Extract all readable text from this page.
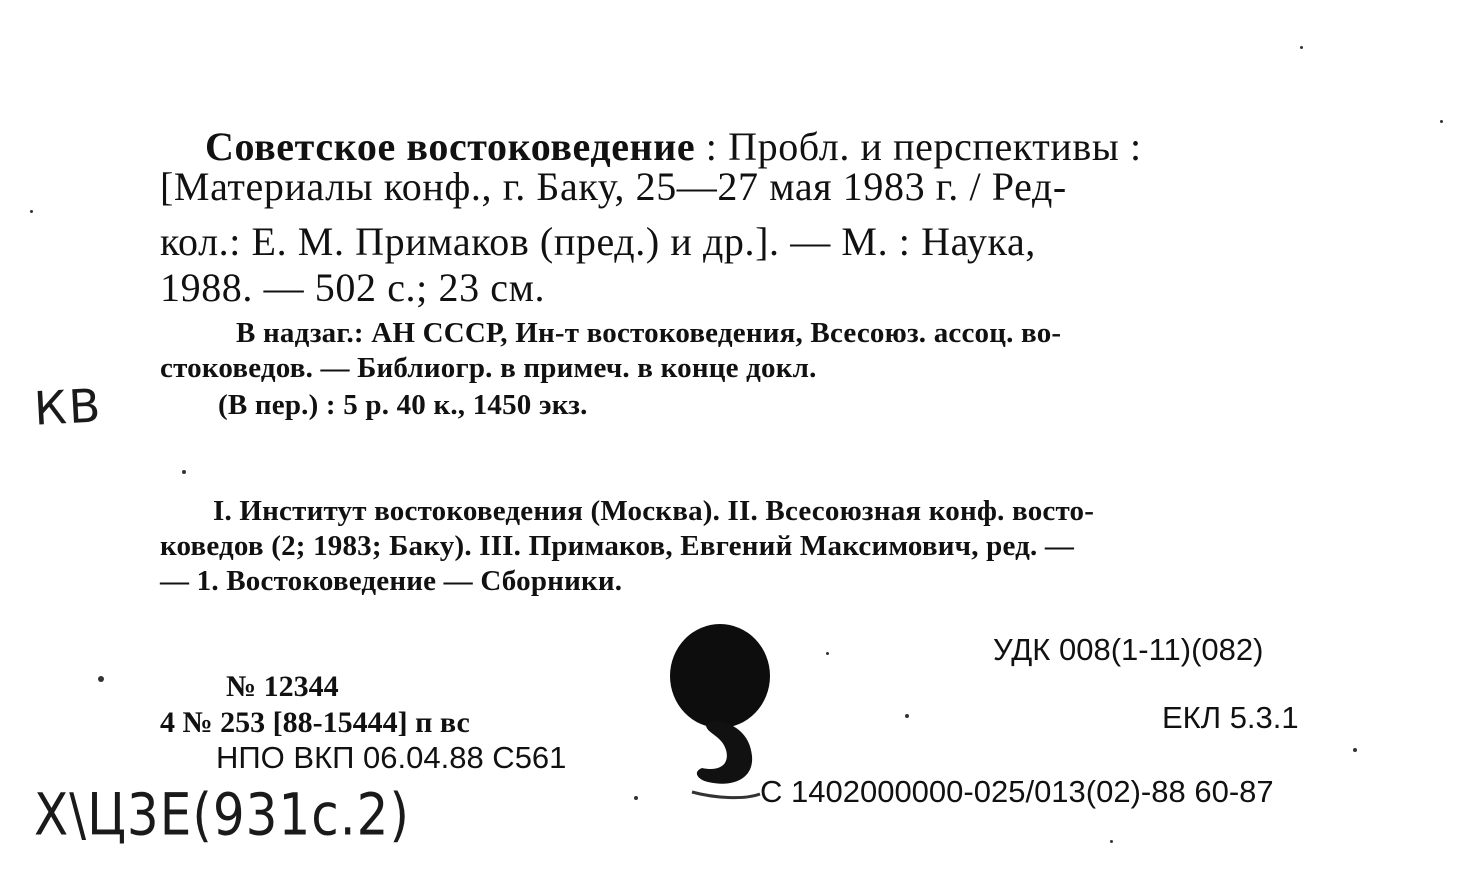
Советское востоковедение : Пробл. и перспективы :
[Материалы конф., г. Баку, 25—27 мая 1983 г. / Ред-
кол.: Е. М. Примаков (пред.) и др.]. — М. : Наука,
1988. — 502 с.; 23 см.
В надзаг.: АН СССР, Ин-т востоковедения, Всесоюз. ассоц. во-
стоковедов. — Библиогр. в примеч. в конце докл.
(В пер.) : 5 р. 40 к., 1450 экз.
I. Институт востоковедения (Москва). II. Всесоюзная конф. восто-
коведов (2; 1983; Баку). III. Примаков, Евгений Максимович, ред. —
— 1. Востоковедение — Сборники.
№ 12344
4 № 253 [88-15444] п вс
НПО ВКП 06.04.88 С561
УДК 008(1-11)(082)
ЕКЛ 5.3.1
С 1402000000-025/013(02)-88 60-87
КВ
X\Ц3Е(931с.2)
